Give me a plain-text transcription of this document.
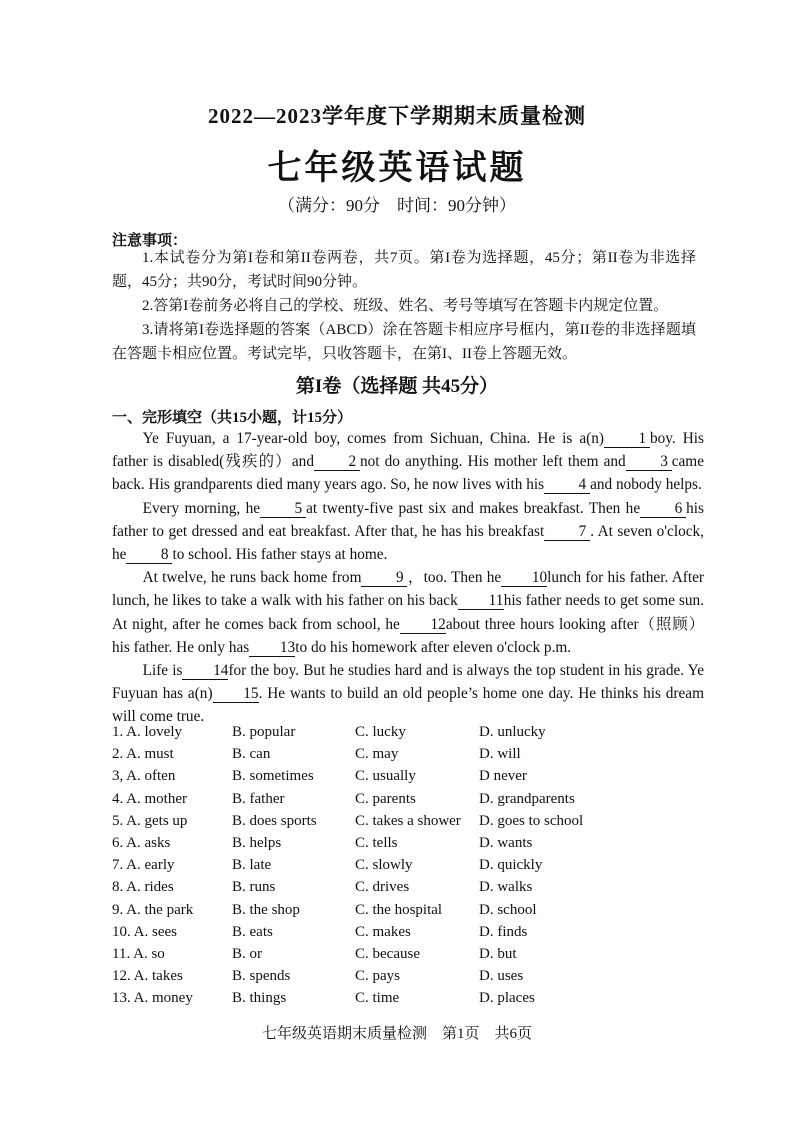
2022—2023学年度下学期期末质量检测
七年级英语试题
（满分：90分　时间：90分钟）
注意事项：

1.本试卷分为第I卷和第II卷两卷，共7页。第I卷为选择题，45分；第II卷为非选择题，45分；共90分，考试时间90分钟。

2.答第I卷前务必将自己的学校、班级、姓名、考号等填写在答题卡内规定位置。

3.请将第I卷选择题的答案（ABCD）涂在答题卡相应序号框内，第II卷的非选择题填在答题卡相应位置。考试完毕，只收答题卡，在第I、II卷上答题无效。

第I卷（选择题 共45分）
一、完形填空（共15小题，计15分）

Ye Fuyuan, a 17-year-old boy, comes from Sichuan, China. He is a(n) 1 boy. His father is disabled(残疾的）and 2 not do anything. His mother left them and 3 came back. His grandparents died many years ago. So, he now lives with his 4 and nobody helps.

Every morning, he 5 at twenty-five past six and makes breakfast. Then he 6 his father to get dressed and eat breakfast. After that, he has his breakfast 7 . At seven o'clock, he 8 to school. His father stays at home.

At twelve, he runs back home from 9 ，too. Then he 10lunch for his father. After lunch, he likes to take a walk with his father on his back 11his father needs to get some sun. At night, after he comes back from school, he 12about three hours looking after（照顾） his father. He only has 13to do his homework after eleven o'clock p.m.

Life is 14for the boy. But he studies hard and is always the top student in his grade. Ye Fuyuan has a(n) 15. He wants to build an old people’s home one day. He thinks his dream will come true.

1. A. lovely	B. popular	C. lucky	D. unlucky
2. A. must	B. can	C. may	D. will
3, A. often	B. sometimes	C. usually	D never
4. A. mother	B. father	C. parents	D. grandparents
5. A. gets up	B. does sports	C. takes a shower D. goes to school
6. A. asks	B. helps	C. tells	D. wants
7. A. early	B. late	C. slowly	D. quickly
8. A. rides	B. runs	C. drives	D. walks
9. A. the park	B. the shop	C. the hospital D. school
10. A. sees	B. eats	C. makes	D. finds
11. A. so	B. or	C. because	D. but
12. A. takes	B. spends	C. pays	D. uses
13. A. money	B. things	C. time	D. places
七年级英语期末质量检测　第1页　共6页
